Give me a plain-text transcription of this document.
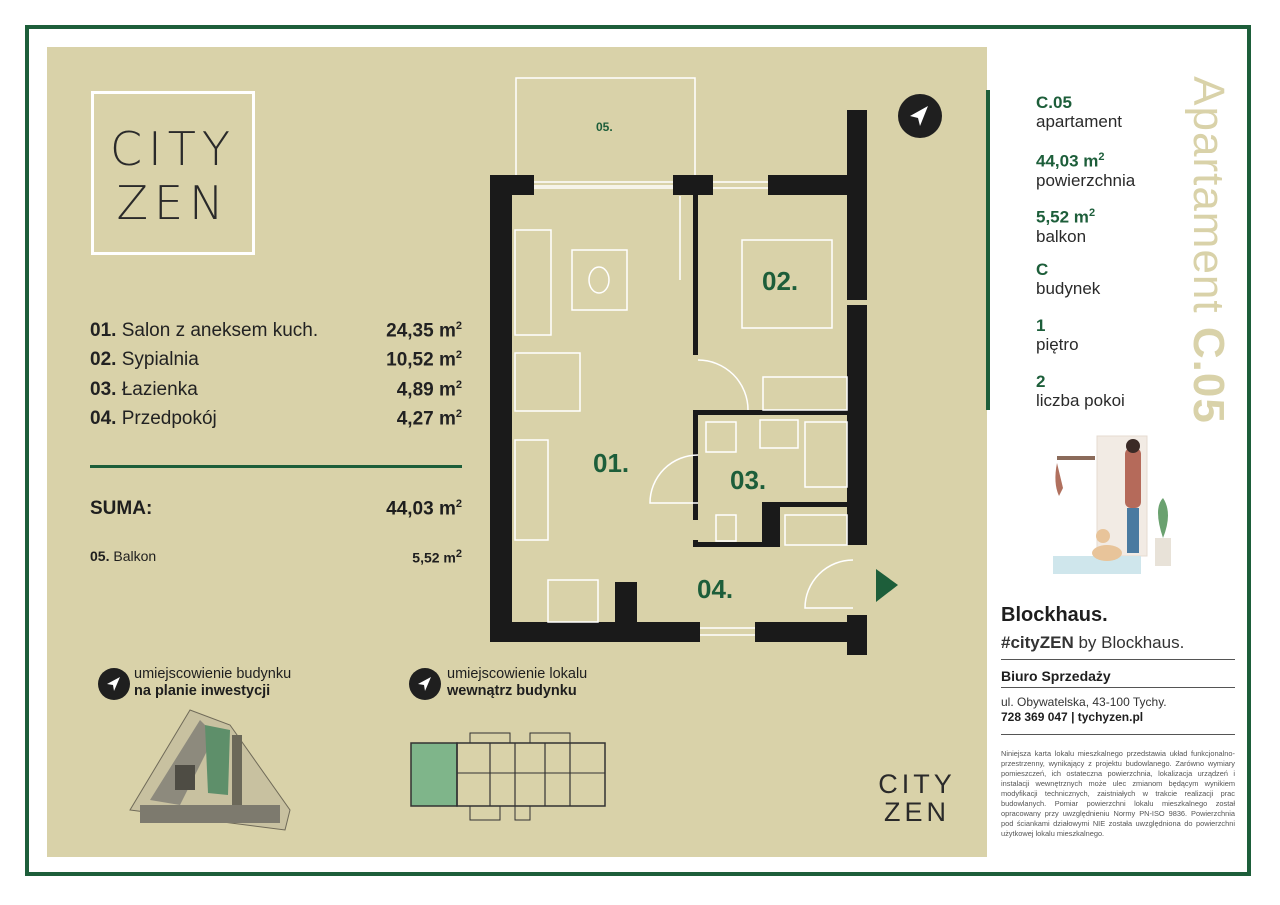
CITY
ZEN
01. Salon z aneksem kuch.	24,35 $m^2$
02. Sypialnia	10,52 $m^2$
03. Łazienka	4,89 $m^2$
04. Przedpokój	4,27 $m^2$
SUMA:	44,03 $m^2$
05. Balkon	5,52 $m^2$
umiejscowienie budynku
na planie inwestycji
umiejscowienie lokalu
wewnątrz budynku
05.
02.
01.
03.
04.
CITY
ZEN
C.05
apartament
44,03 $m^2$
powierzchnia
5,52 $m^2$
balkon
C
budynek
1
piętro
2
liczba pokoi
Apartament C.05
Blockhaus.
#cityZEN by Blockhaus.
Biuro Sprzedaży
ul. Obywatelska, 43-100 Tychy.
728 369 047 | tychyzen.pl
Niniejsza karta lokalu mieszkalnego przedstawia układ funkcjonalno-przestrzenny, wynikający z projektu budowlanego. Zarówno wymiary pomieszczeń, ich ostateczna powierzchnia, lokalizacja urządzeń i instalacji wewnętrznych może ulec zmianom będącym wynikiem modyfikacji technicznych, zaistniałych w trakcie realizacji prac budowlanych. Pomiar powierzchni lokalu mieszkalnego został opracowany przy uwzględnieniu Normy PN-ISO 9836. Powierzchnia pod ściankami działowymi NIE została uwzględniona do powierzchni użytkowej lokalu mieszkalnego.
